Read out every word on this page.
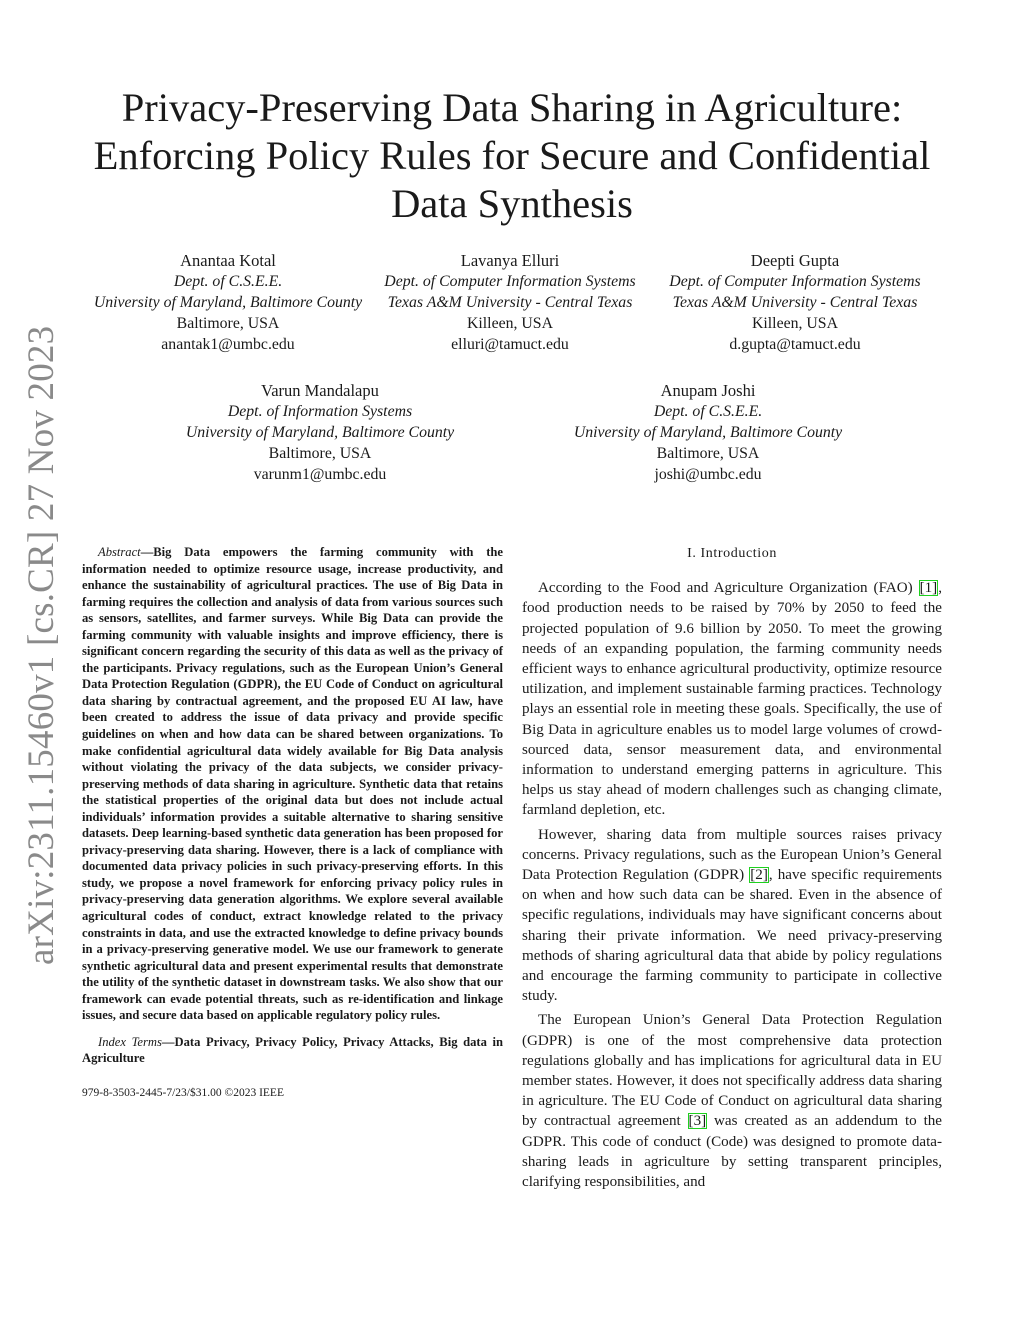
arXiv:2311.15460v1 [cs.CR] 27 Nov 2023
Privacy-Preserving Data Sharing in Agriculture:
Enforcing Policy Rules for Secure and Confidential
Data Synthesis
Anantaa Kotal
Dept. of C.S.E.E.
University of Maryland, Baltimore County
Baltimore, USA
anantak1@umbc.edu
Lavanya Elluri
Dept. of Computer Information Systems
Texas A&M University - Central Texas
Killeen, USA
elluri@tamuct.edu
Deepti Gupta
Dept. of Computer Information Systems
Texas A&M University - Central Texas
Killeen, USA
d.gupta@tamuct.edu
Varun Mandalapu
Dept. of Information Systems
University of Maryland, Baltimore County
Baltimore, USA
varunm1@umbc.edu
Anupam Joshi
Dept. of C.S.E.E.
University of Maryland, Baltimore County
Baltimore, USA
joshi@umbc.edu

Abstract—Big Data empowers the farming community with the information needed to optimize resource usage, increase productivity, and enhance the sustainability of agricultural practices. The use of Big Data in farming requires the collection and analysis of data from various sources such as sensors, satellites, and farmer surveys. While Big Data can provide the farming community with valuable insights and improve efficiency, there is significant concern regarding the security of this data as well as the privacy of the participants. Privacy regulations, such as the European Union’s General Data Protection Regulation (GDPR), the EU Code of Conduct on agricultural data sharing by contractual agreement, and the proposed EU AI law, have been created to address the issue of data privacy and provide specific guidelines on when and how data can be shared between organizations. To make confidential agricultural data widely available for Big Data analysis without violating the privacy of the data subjects, we consider privacy-preserving methods of data sharing in agriculture. Synthetic data that retains the statistical properties of the original data but does not include actual individuals’ information provides a suitable alternative to sharing sensitive datasets. Deep learning-based synthetic data generation has been proposed for privacy-preserving data sharing. However, there is a lack of compliance with documented data privacy policies in such privacy-preserving efforts. In this study, we propose a novel framework for enforcing privacy policy rules in privacy-preserving data generation algorithms. We explore several available agricultural codes of conduct, extract knowledge related to the privacy constraints in data, and use the extracted knowledge to define privacy bounds in a privacy-preserving generative model. We use our framework to generate synthetic agricultural data and present experimental results that demonstrate the utility of the synthetic dataset in downstream tasks. We also show that our framework can evade potential threats, such as re-identification and linkage issues, and secure data based on applicable regulatory policy rules.

Index Terms—Data Privacy, Privacy Policy, Privacy Attacks, Big data in Agriculture

979-8-3503-2445-7/23/$31.00 ©2023 IEEE

I. Introduction

According to the Food and Agriculture Organization (FAO) [1], food production needs to be raised by 70% by 2050 to feed the projected population of 9.6 billion by 2050. To meet the growing needs of an expanding population, the farming community needs efficient ways to enhance agricultural productivity, optimize resource utilization, and implement sustainable farming practices. Technology plays an essential role in meeting these goals. Specifically, the use of Big Data in agriculture enables us to model large volumes of crowd-sourced data, sensor measurement data, and environmental information to understand emerging patterns in agriculture. This helps us stay ahead of modern challenges such as changing climate, farmland depletion, etc.

However, sharing data from multiple sources raises privacy concerns. Privacy regulations, such as the European Union’s General Data Protection Regulation (GDPR) [2], have specific requirements on when and how such data can be shared. Even in the absence of specific regulations, individuals may have significant concerns about sharing their private information. We need privacy-preserving methods of sharing agricultural data that abide by policy regulations and encourage the farming community to participate in collective study.

The European Union’s General Data Protection Regulation (GDPR) is one of the most comprehensive data protection regulations globally and has implications for agricultural data in EU member states. However, it does not specifically address data sharing in agriculture. The EU Code of Conduct on agricultural data sharing by contractual agreement [3] was created as an addendum to the GDPR. This code of conduct (Code) was designed to promote data-sharing leads in agriculture by setting transparent principles, clarifying responsibilities, and
